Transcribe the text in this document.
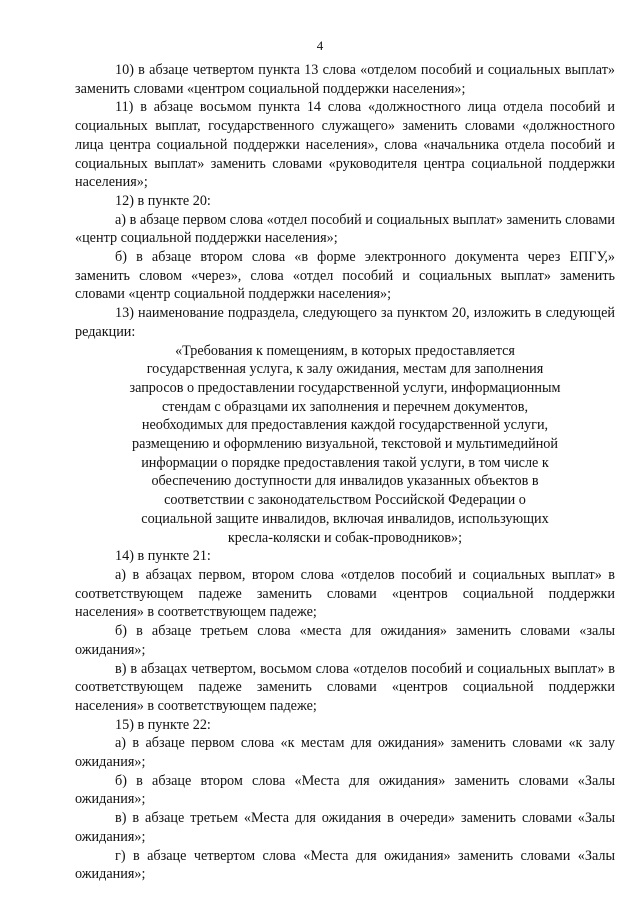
4

10) в абзаце четвертом пункта 13 слова «отделом пособий и социальных выплат» заменить словами «центром социальной поддержки населения»;

11) в абзаце восьмом пункта 14 слова «должностного лица отдела пособий и социальных выплат, государственного служащего» заменить словами «должностного лица центра социальной поддержки населения», слова «начальника отдела пособий и социальных выплат» заменить словами «руководителя центра социальной поддержки населения»;

12) в пункте 20:

а) в абзаце первом слова «отдел пособий и социальных выплат» заменить словами «центр социальной поддержки населения»;

б) в абзаце втором слова «в форме электронного документа через ЕПГУ,» заменить словом «через», слова «отдел пособий и социальных выплат» заменить словами «центр социальной поддержки населения»;

13) наименование подраздела, следующего за пунктом 20, изложить в следующей редакции:

«Требования к помещениям, в которых предоставляется государственная услуга, к залу ожидания, местам для заполнения запросов о предоставлении государственной услуги, информационным стендам с образцами их заполнения и перечнем документов, необходимых для предоставления каждой государственной услуги, размещению и оформлению визуальной, текстовой и мультимедийной информации о порядке предоставления такой услуги, в том числе к обеспечению доступности для инвалидов указанных объектов в соответствии с законодательством Российской Федерации о социальной защите инвалидов, включая инвалидов, использующих кресла-коляски и собак-проводников»;

14) в пункте 21:

а) в абзацах первом, втором слова «отделов пособий и социальных выплат» в соответствующем падеже заменить словами «центров социальной поддержки населения» в соответствующем падеже;

б) в абзаце третьем слова «места для ожидания» заменить словами «залы ожидания»;

в) в абзацах четвертом, восьмом слова «отделов пособий и социальных выплат» в соответствующем падеже заменить словами «центров социальной поддержки населения» в соответствующем падеже;

15) в пункте 22:

а) в абзаце первом слова «к местам для ожидания» заменить словами «к залу ожидания»;

б) в абзаце втором слова «Места для ожидания» заменить словами «Залы ожидания»;

в) в абзаце третьем «Места для ожидания в очереди» заменить словами «Залы ожидания»;

г) в абзаце четвертом слова «Места для ожидания» заменить словами «Залы ожидания»;
